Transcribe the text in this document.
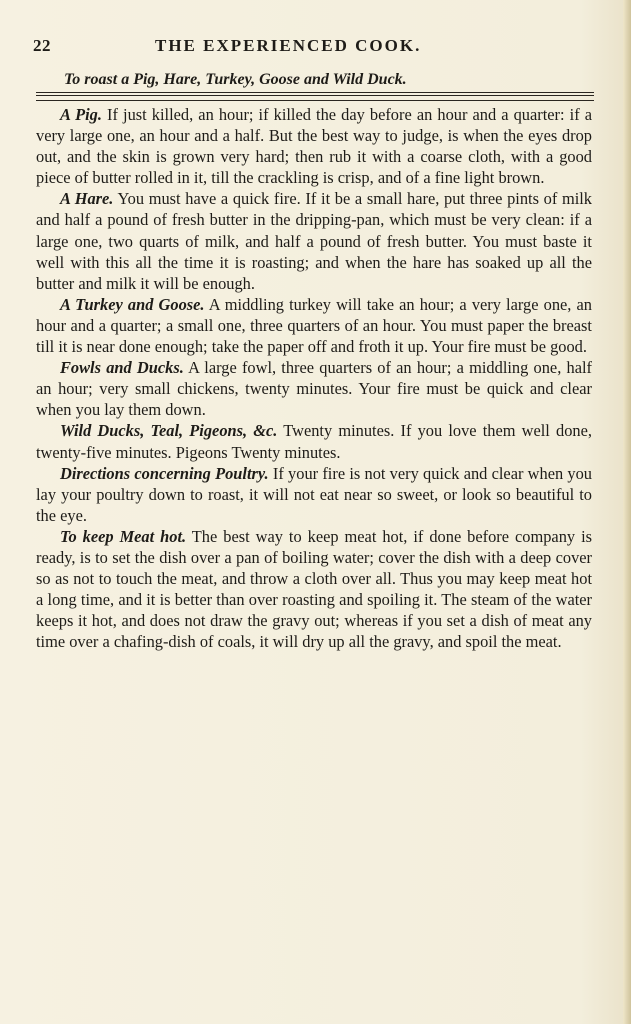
22	THE EXPERIENCED COOK.
To roast a Pig, Hare, Turkey, Goose and Wild Duck.

A Pig. If just killed, an hour; if killed the day before an hour and a quarter: if a very large one, an hour and a half. But the best way to judge, is when the eyes drop out, and the skin is grown very hard; then rub it with a coarse cloth, with a good piece of butter rolled in it, till the crackling is crisp, and of a fine light brown.

A Hare. You must have a quick fire. If it be a small hare, put three pints of milk and half a pound of fresh butter in the dripping-pan, which must be very clean: if a large one, two quarts of milk, and half a pound of fresh butter. You must baste it well with this all the time it is roasting; and when the hare has soaked up all the butter and milk it will be enough.

A Turkey and Goose. A middling turkey will take an hour; a very large one, an hour and a quarter; a small one, three quarters of an hour. You must paper the breast till it is near done enough; take the paper off and froth it up. Your fire must be good.

Fowls and Ducks. A large fowl, three quarters of an hour; a middling one, half an hour; very small chickens, twenty minutes. Your fire must be quick and clear when you lay them down.

Wild Ducks, Teal, Pigeons, &c. Twenty minutes. If you love them well done, twenty-five minutes. Pigeons Twenty minutes.

Directions concerning Poultry. If your fire is not very quick and clear when you lay your poultry down to roast, it will not eat near so sweet, or look so beautiful to the eye.

To keep Meat hot. The best way to keep meat hot, if done before company is ready, is to set the dish over a pan of boiling water; cover the dish with a deep cover so as not to touch the meat, and throw a cloth over all. Thus you may keep meat hot a long time, and it is better than over roasting and spoiling it. The steam of the water keeps it hot, and does not draw the gravy out; whereas if you set a dish of meat any time over a chafing-dish of coals, it will dry up all the gravy, and spoil the meat.
